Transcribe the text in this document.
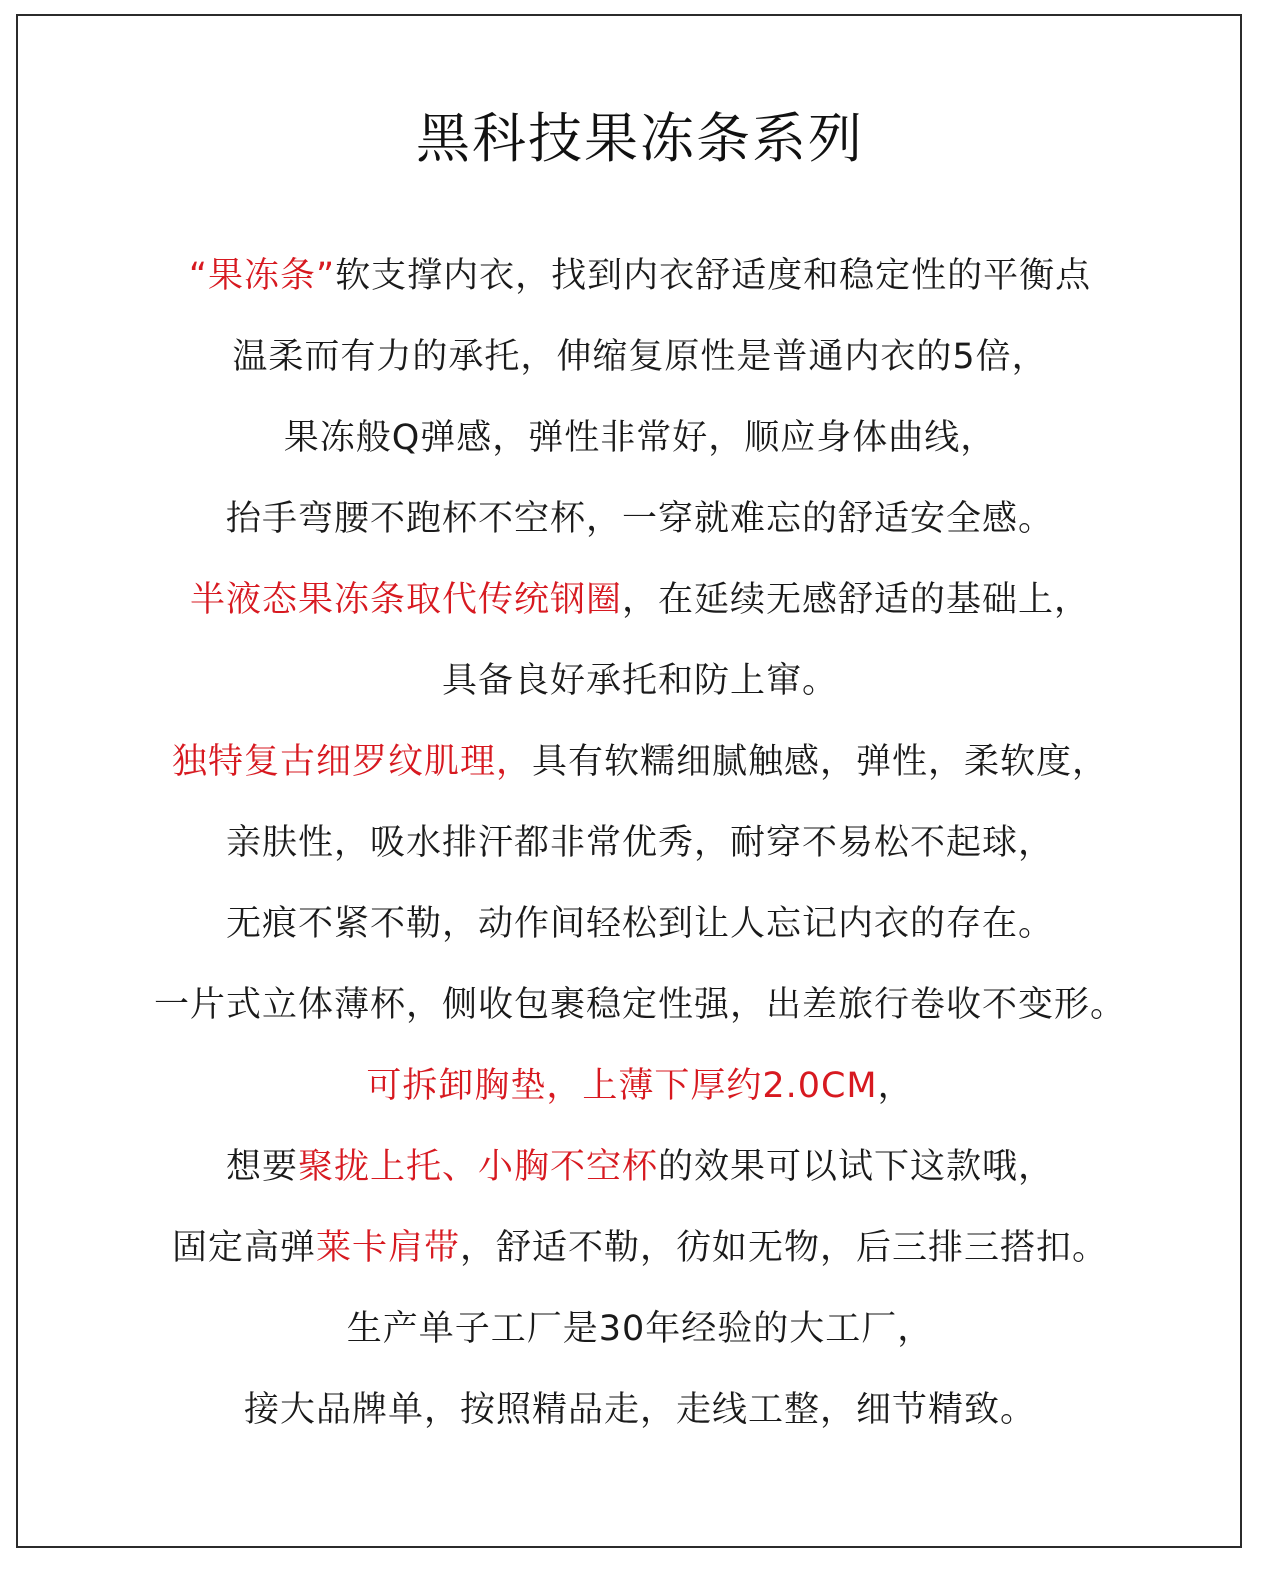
黑科技果冻条系列
“果冻条”软支撑内衣，找到内衣舒适度和稳定性的平衡点
温柔而有力的承托，伸缩复原性是普通内衣的5倍，
果冻般Q弹感，弹性非常好，顺应身体曲线，
抬手弯腰不跑杯不空杯，一穿就难忘的舒适安全感。
半液态果冻条取代传统钢圈，在延续无感舒适的基础上，
具备良好承托和防上窜。
独特复古细罗纹肌理，具有软糯细腻触感，弹性，柔软度，
亲肤性，吸水排汗都非常优秀，耐穿不易松不起球，
无痕不紧不勒，动作间轻松到让人忘记内衣的存在。
一片式立体薄杯，侧收包裹稳定性强，出差旅行卷收不变形。
可拆卸胸垫，上薄下厚约2.0CM，
想要聚拢上托、小胸不空杯的效果可以试下这款哦，
固定高弹莱卡肩带，舒适不勒，彷如无物，后三排三搭扣。
生产单子工厂是30年经验的大工厂，
接大品牌单，按照精品走，走线工整，细节精致。
